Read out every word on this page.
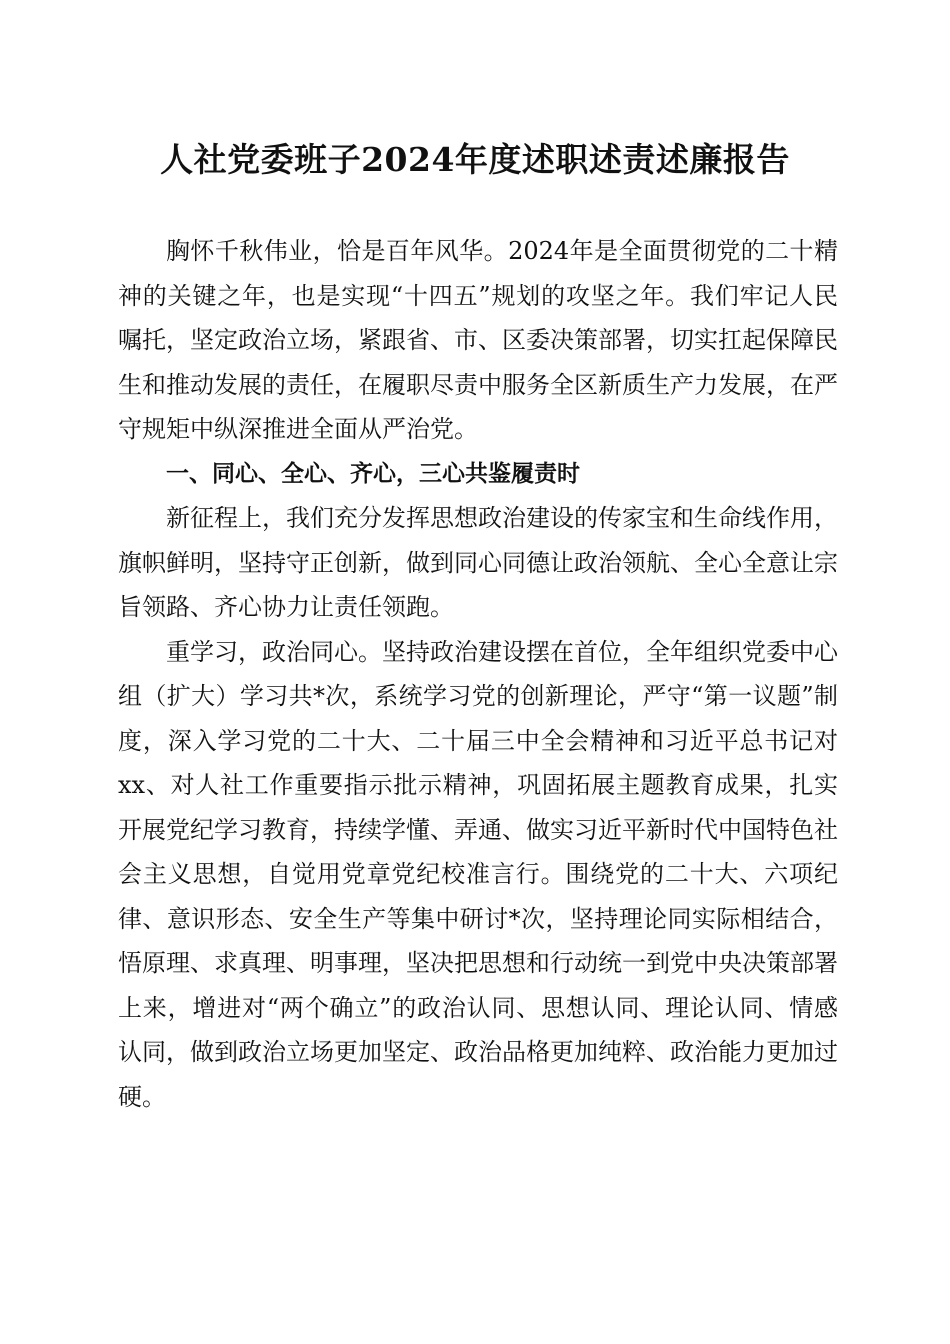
人社党委班子2024年度述职述责述廉报告

胸怀千秋伟业，恰是百年风华。2024年是全面贯彻党的二十精神的关键之年，也是实现“十四五”规划的攻坚之年。我们牢记人民嘱托，坚定政治立场，紧跟省、市、区委决策部署，切实扛起保障民生和推动发展的责任，在履职尽责中服务全区新质生产力发展，在严守规矩中纵深推进全面从严治党。

一、同心、全心、齐心，三心共鉴履责时

新征程上，我们充分发挥思想政治建设的传家宝和生命线作用，旗帜鲜明，坚持守正创新，做到同心同德让政治领航、全心全意让宗旨领路、齐心协力让责任领跑。

重学习，政治同心。坚持政治建设摆在首位，全年组织党委中心组（扩大）学习共*次，系统学习党的创新理论，严守“第一议题”制度，深入学习党的二十大、二十届三中全会精神和习近平总书记对xx、对人社工作重要指示批示精神，巩固拓展主题教育成果，扎实开展党纪学习教育，持续学懂、弄通、做实习近平新时代中国特色社会主义思想，自觉用党章党纪校准言行。围绕党的二十大、六项纪律、意识形态、安全生产等集中研讨*次，坚持理论同实际相结合，悟原理、求真理、明事理，坚决把思想和行动统一到党中央决策部署上来，增进对“两个确立”的政治认同、思想认同、理论认同、情感认同，做到政治立场更加坚定、政治品格更加纯粹、政治能力更加过硬。
